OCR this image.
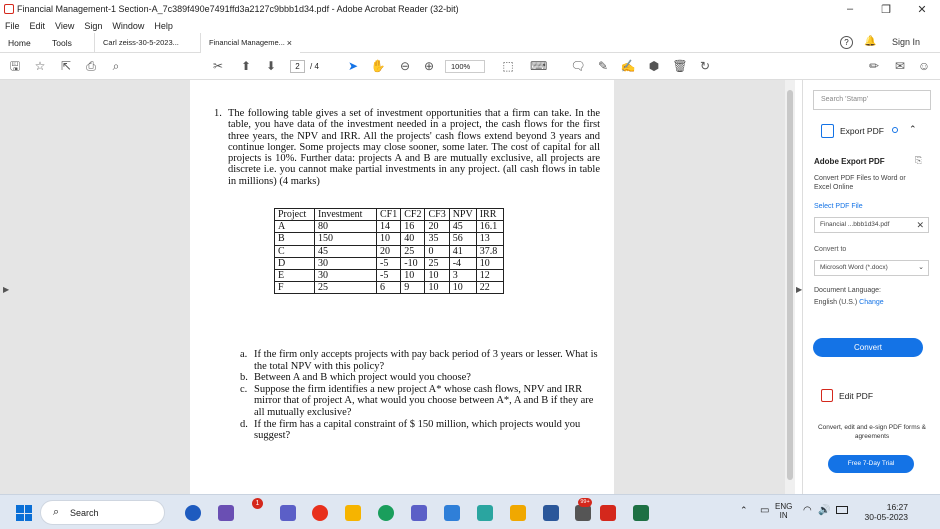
Financial Management-1 Section-A_7c389f490e7491ffd3a2127c9bbb1d34.pdf - Adobe Acrobat Reader (32-bit)	–	❐	✕
File Edit View Sign Window Help
Home	Tools	Carl zeiss-30-5-2023...	Financial Manageme... ×	?	🔔 Sign In
🖫 ☆ ⇱ ⎙	⌕	✂ ⬆ ⬇	2	/ 4 ➤ ✋ ⊖ ⊕	100%	⬚ ⌨ 🗨 ✎ ✍ ⬢ 🗑 ↻	✏ ✉ ☺
▶	▶
1. The following table gives a set of investment opportunities that a firm can take. In the table, you have data of the investment needed in a project, the cash flows for the first three years, the NPV and IRR. All the projects' cash flows extend beyond 3 years and continue longer. Some projects may close sooner, some later. The cost of capital for all projects is 10%. Further data: projects A and B are mutually exclusive, all projects are discrete i.e. you cannot make partial investments in any project. (all cash flows in table in millions) (4 marks)
Project	Investment	CF1	CF2	CF3	NPV	IRR
A	80	14	16	20	45	16.1
B	150	10	40	35	56	13
C	45	20	25	0	41	37.8
D	30	-5	-10	25	-4	10
E	30	-5	10	10	3	12
F	25	6	9	10	10	22
a. If the firm only accepts projects with pay back period of 3 years or lesser. What is the total NPV with this policy?
b. Between A and B which project would you choose?
c. Suppose the firm identifies a new project A* whose cash flows, NPV and IRR mirror that of project A, what would you choose between A*, A and B if they are all mutually exclusive?
d. If the firm has a capital constraint of $ 150 million, which projects would you suggest?
Search 'Stamp'
Export PDF	⌃
Adobe Export PDF	⎘
Convert PDF Files to Word or Excel Online
Select PDF File
Financial ...bbb1d34.pdf	✕
Convert to
Microsoft Word (*.docx)	⌄
Document Language:
English (U.S.) Change
Convert
Edit PDF
Convert, edit and e-sign PDF forms & agreements
Free 7-Day Trial
⌕ Search
1	99+
⌃ ▭ ENG
IN	◠ 🔊	16:27
30-05-2023
